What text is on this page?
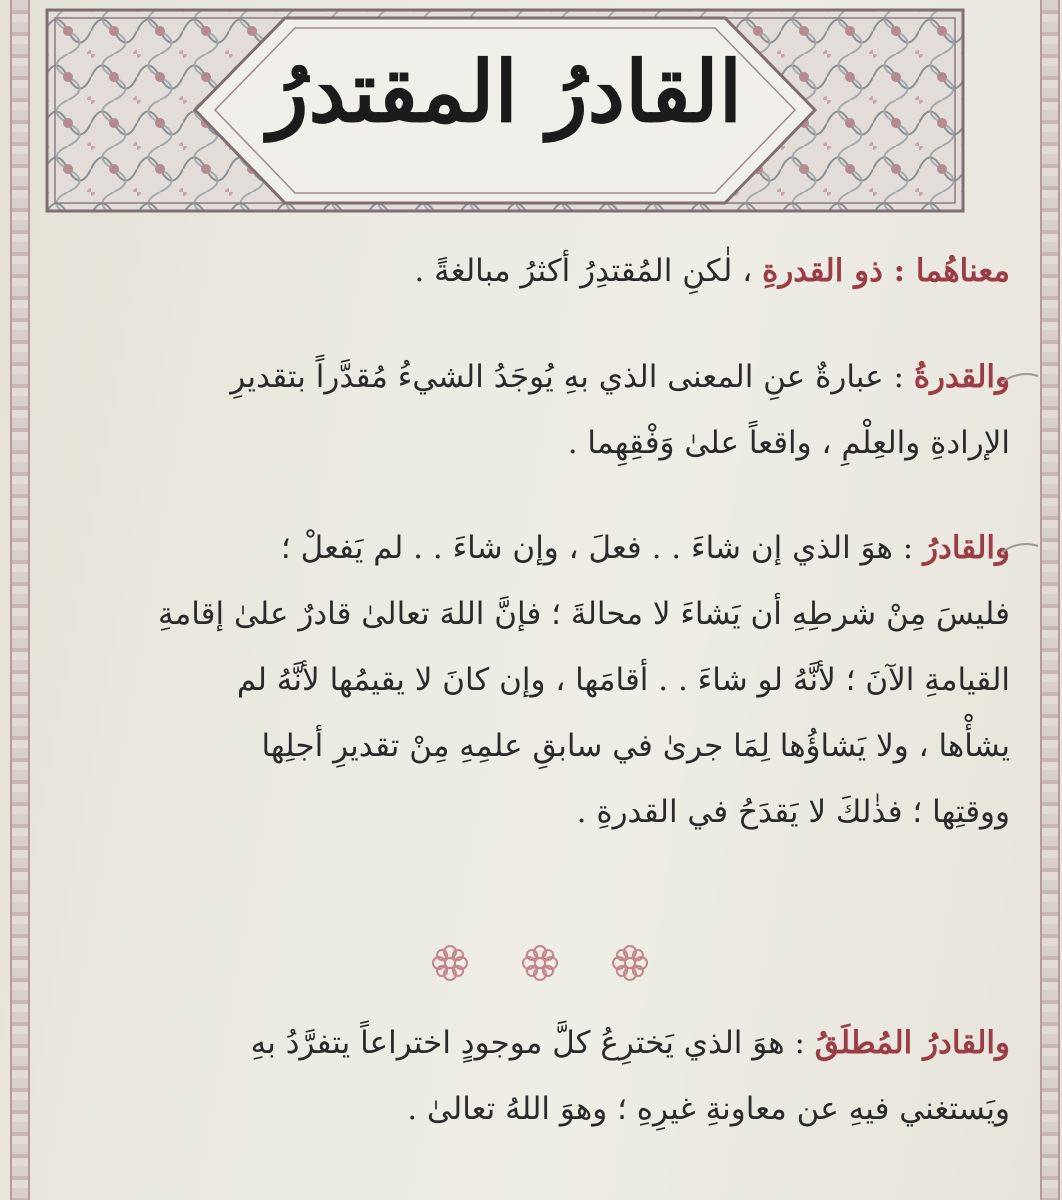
القادرُ المقتدرُ
معناهُما : ذو القدرةِ ، لٰكنِ المُقتدِرُ أكثرُ مبالغةً .
والقدرةُ : عبارةٌ عنِ المعنى الذي بهِ يُوجَدُ الشيءُ مُقدَّراً بتقديرِ
الإرادةِ والعِلْمِ ، واقعاً علىٰ وَفْقِهِما .
والقادرُ : هوَ الذي إن شاءَ . . فعلَ ، وإن شاءَ . . لم يَفعلْ ؛
فليسَ مِنْ شرطِهِ أن يَشاءَ لا محالةَ ؛ فإنَّ اللهَ تعالىٰ قادرٌ علىٰ إقامةِ
القيامةِ الآنَ ؛ لأنَّهُ لو شاءَ . . أقامَها ، وإن كانَ لا يقيمُها لأنَّهُ لم
يشأْها ، ولا يَشاؤُها لِمَا جرىٰ في سابقِ علمِهِ مِنْ تقديرِ أجلِها
ووقتِها ؛ فذٰلكَ لا يَقدَحُ في القدرةِ .
والقادرُ المُطلَقُ : هوَ الذي يَخترِعُ كلَّ موجودٍ اختراعاً يتفرَّدُ بهِ
ويَستغني فيهِ عن معاونةِ غيرِهِ ؛ وهوَ اللهُ تعالىٰ .
